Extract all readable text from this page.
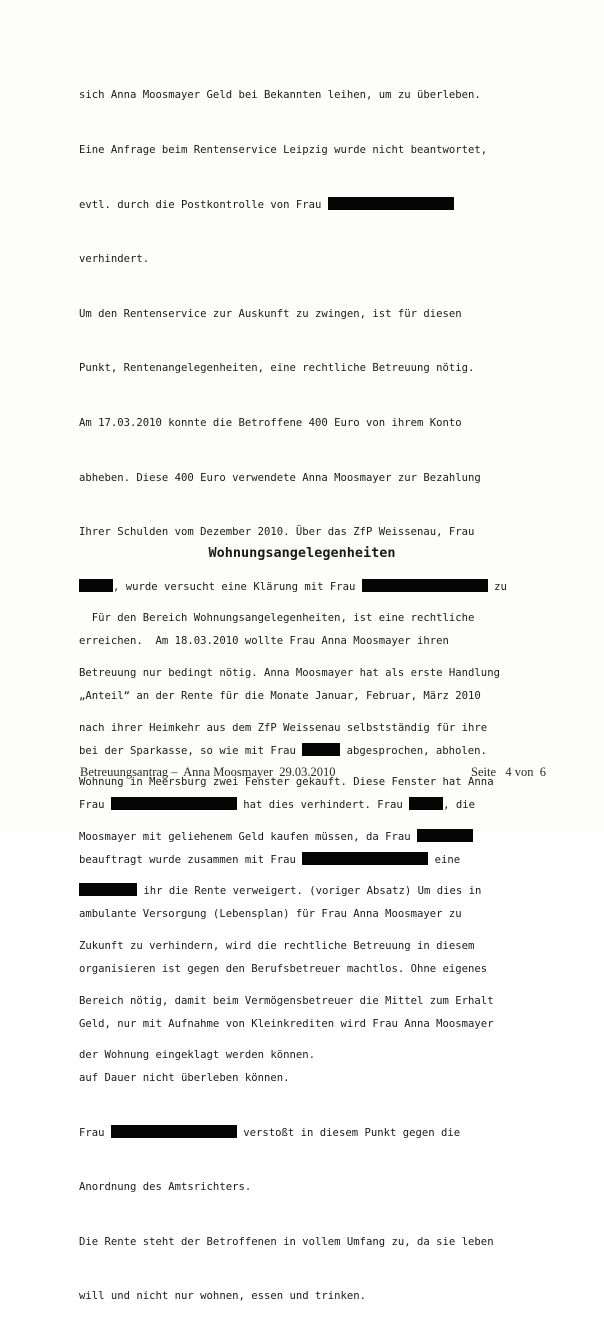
sich Anna Moosmayer Geld bei Bekannten leihen, um zu überleben.

Eine Anfrage beim Rentenservice Leipzig wurde nicht beantwortet,

evtl. durch die Postkontrolle von Frau

verhindert.

Um den Rentenservice zur Auskunft zu zwingen, ist für diesen

Punkt, Rentenangelegenheiten, eine rechtliche Betreuung nötig.

Am 17.03.2010 konnte die Betroffene 400 Euro von ihrem Konto

abheben. Diese 400 Euro verwendete Anna Moosmayer zur Bezahlung

Ihrer Schulden vom Dezember 2010. Über das ZfP Weissenau, Frau

, wurde versucht eine Klärung mit Frau	zu

erreichen.  Am 18.03.2010 wollte Frau Anna Moosmayer ihren

„Anteil“ an der Rente für die Monate Januar, Februar, März 2010

bei der Sparkasse, so wie mit Frau	abgesprochen, abholen.

Frau	hat dies verhindert. Frau	, die

beauftragt wurde zusammen mit Frau	eine

ambulante Versorgung (Lebensplan) für Frau Anna Moosmayer zu

organisieren ist gegen den Berufsbetreuer machtlos. Ohne eigenes

Geld, nur mit Aufnahme von Kleinkrediten wird Frau Anna Moosmayer

auf Dauer nicht überleben können.

Frau	verstoßt in diesem Punkt gegen die

Anordnung des Amtsrichters.

Die Rente steht der Betroffenen in vollem Umfang zu, da sie leben

will und nicht nur wohnen, essen und trinken.

Wohnungsangelegenheiten

Für den Bereich Wohnungsangelegenheiten, ist eine rechtliche

Betreuung nur bedingt nötig. Anna Moosmayer hat als erste Handlung

nach ihrer Heimkehr aus dem ZfP Weissenau selbstständig für ihre

Wohnung in Meersburg zwei Fenster gekauft. Diese Fenster hat Anna

Moosmayer mit geliehenem Geld kaufen müssen, da Frau

ihr die Rente verweigert. (voriger Absatz) Um dies in

Zukunft zu verhindern, wird die rechtliche Betreuung in diesem

Bereich nötig, damit beim Vermögensbetreuer die Mittel zum Erhalt

der Wohnung eingeklagt werden können.

Betreuungsantrag –  Anna Moosmayer  29.03.2010	Seite   4 von  6
